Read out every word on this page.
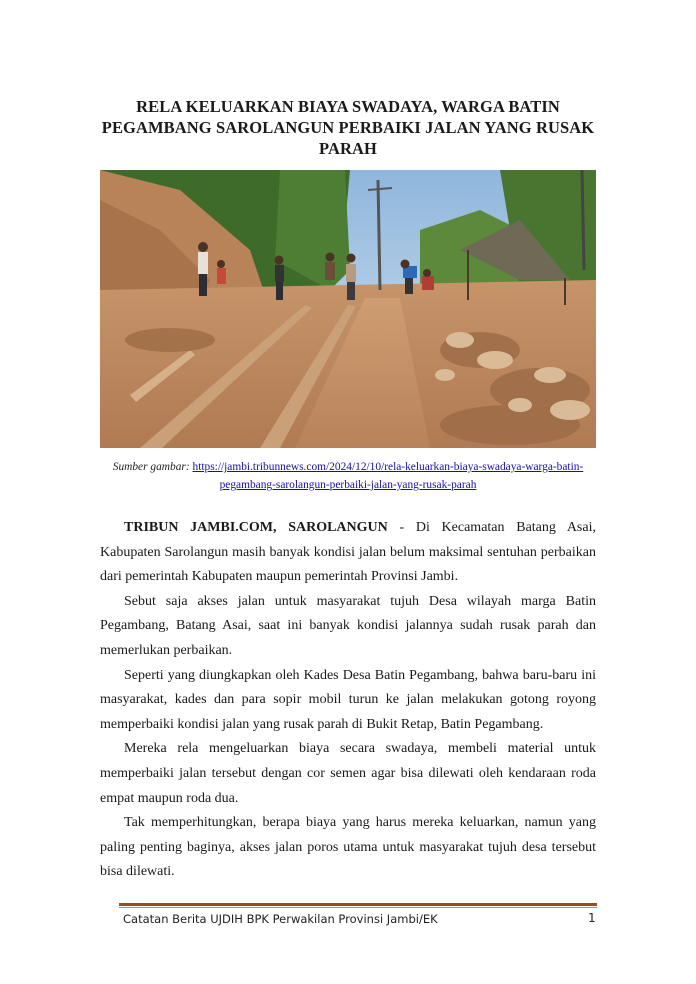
RELA KELUARKAN BIAYA SWADAYA, WARGA BATIN
PEGAMBANG SAROLANGUN PERBAIKI JALAN YANG RUSAK
PARAH
Sumber gambar: https://jambi.tribunnews.com/2024/12/10/rela-keluarkan-biaya-swadaya-warga-batin-
pegambang-sarolangun-perbaiki-jalan-yang-rusak-parah

TRIBUN JAMBI.COM, SAROLANGUN - Di Kecamatan Batang Asai, Kabupaten Sarolangun masih banyak kondisi jalan belum maksimal sentuhan perbaikan dari pemerintah Kabupaten maupun pemerintah Provinsi Jambi.

Sebut saja akses jalan untuk masyarakat tujuh Desa wilayah marga Batin Pegambang, Batang Asai, saat ini banyak kondisi jalannya sudah rusak parah dan memerlukan perbaikan.

Seperti yang diungkapkan oleh Kades Desa Batin Pegambang, bahwa baru-baru ini masyarakat, kades dan para sopir mobil turun ke jalan melakukan gotong royong memperbaiki kondisi jalan yang rusak parah di Bukit Retap, Batin Pegambang.

Mereka rela mengeluarkan biaya secara swadaya, membeli material untuk memperbaiki jalan tersebut dengan cor semen agar bisa dilewati oleh kendaraan roda empat maupun roda dua.

Tak memperhitungkan, berapa biaya yang harus mereka keluarkan, namun yang paling penting baginya, akses jalan poros utama untuk masyarakat tujuh desa tersebut bisa dilewati.

Catatan Berita UJDIH BPK Perwakilan Provinsi Jambi/EK	1
